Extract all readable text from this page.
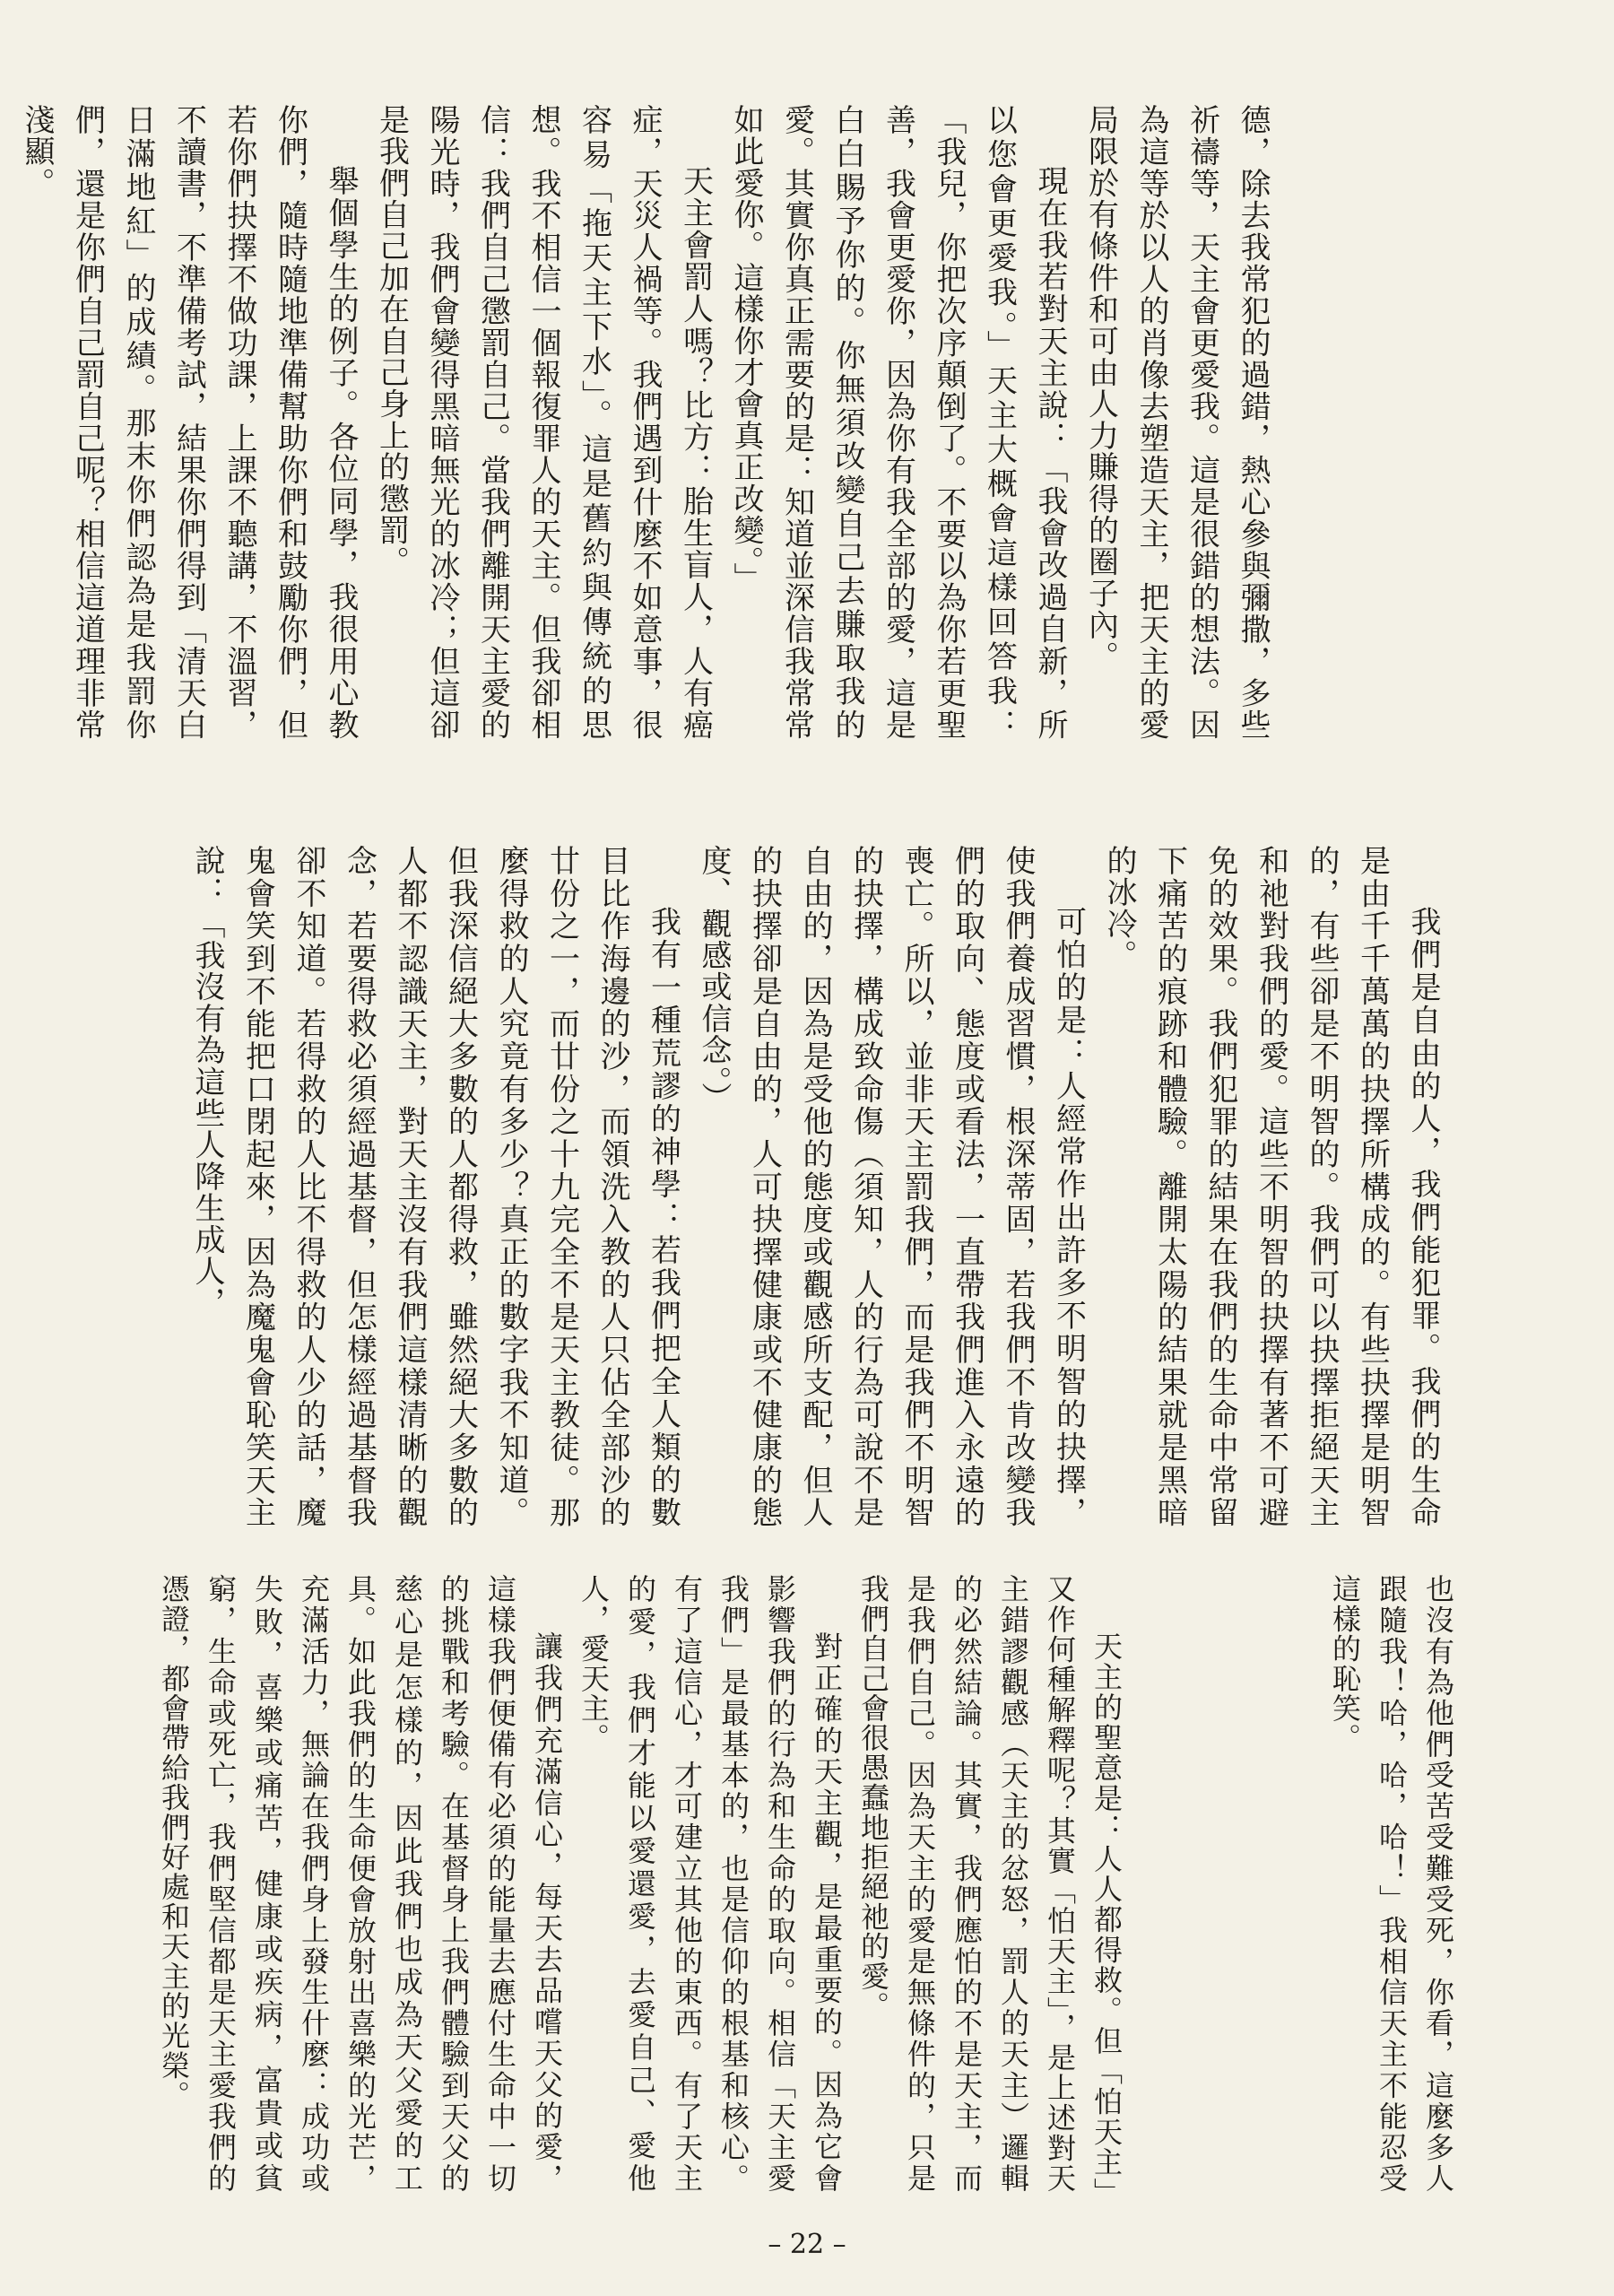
德，除去我常犯的過錯，熱心參與彌撒，多些祈禱等，天主會更愛我。這是很錯的想法。因為這等於以人的肖像去塑造天主，把天主的愛局限於有條件和可由人力賺得的圈子內。

現在我若對天主說：「我會改過自新，所以您會更愛我。」天主大概會這樣回答我：「我兒，你把次序顛倒了。不要以為你若更聖善，我會更愛你，因為你有我全部的愛，這是白白賜予你的。你無須改變自己去賺取我的愛。其實你真正需要的是：知道並深信我常常如此愛你。這樣你才會真正改變。」

天主會罰人嗎？比方：胎生盲人，人有癌症，天災人禍等。我們遇到什麼不如意事，很容易「拖天主下水」。這是舊約與傳統的思想。我不相信一個報復罪人的天主。但我卻相信：我們自己懲罰自己。當我們離開天主愛的陽光時，我們會變得黑暗無光的冰冷；但這卻是我們自己加在自己身上的懲罰。

舉個學生的例子。各位同學，我很用心教你們，隨時隨地準備幫助你們和鼓勵你們，但若你們抉擇不做功課，上課不聽講，不溫習，不讀書，不準備考試，結果你們得到「清天白日滿地紅」的成績。那末你們認為是我罰你們，還是你們自己罰自己呢？相信這道理非常淺顯。

我們是自由的人，我們能犯罪。我們的生命是由千千萬萬的抉擇所構成的。有些抉擇是明智的，有些卻是不明智的。我們可以抉擇拒絕天主和祂對我們的愛。這些不明智的抉擇有著不可避免的效果。我們犯罪的結果在我們的生命中常留下痛苦的痕跡和體驗。離開太陽的結果就是黑暗的冰冷。

可怕的是：人經常作出許多不明智的抉擇，使我們養成習慣，根深蒂固，若我們不肯改變我們的取向、態度或看法，一直帶我們進入永遠的喪亡。所以，並非天主罰我們，而是我們不明智的抉擇，構成致命傷（須知，人的行為可說不是自由的，因為是受他的態度或觀感所支配，但人的抉擇卻是自由的，人可抉擇健康或不健康的態度、觀感或信念。）

我有一種荒謬的神學：若我們把全人類的數目比作海邊的沙，而領洗入教的人只佔全部沙的廿份之一，而廿份之十九完全不是天主教徒。那麼得救的人究竟有多少？真正的數字我不知道。但我深信絕大多數的人都得救，雖然絕大多數的人都不認識天主，對天主沒有我們這樣清晰的觀念，若要得救必須經過基督，但怎樣經過基督我卻不知道。若得救的人比不得救的人少的話，魔鬼會笑到不能把口閉起來，因為魔鬼會恥笑天主說：「我沒有為這些人降生成人，

也沒有為他們受苦受難受死，你看，這麼多人跟隨我！哈，哈，哈！」我相信天主不能忍受這樣的恥笑。

天主的聖意是：人人都得救。但「怕天主」又作何種解釋呢？其實「怕天主」，是上述對天主錯謬觀感（天主的忿怒，罰人的天主）邏輯的必然結論。其實，我們應怕的不是天主，而是我們自己。因為天主的愛是無條件的，只是我們自己會很愚蠢地拒絕祂的愛。

對正確的天主觀，是最重要的。因為它會影響我們的行為和生命的取向。相信「天主愛我們」是最基本的，也是信仰的根基和核心。有了這信心，才可建立其他的東西。有了天主的愛，我們才能以愛還愛，去愛自己、愛他人，愛天主。

讓我們充滿信心，每天去品嚐天父的愛，這樣我們便備有必須的能量去應付生命中一切的挑戰和考驗。在基督身上我們體驗到天父的慈心是怎樣的，因此我們也成為天父愛的工具。如此我們的生命便會放射出喜樂的光芒，充滿活力，無論在我們身上發生什麼：成功或失敗，喜樂或痛苦，健康或疾病，富貴或貧窮，生命或死亡，我們堅信都是天主愛我們的憑證，都會帶給我們好處和天主的光榮。

– 22 –
